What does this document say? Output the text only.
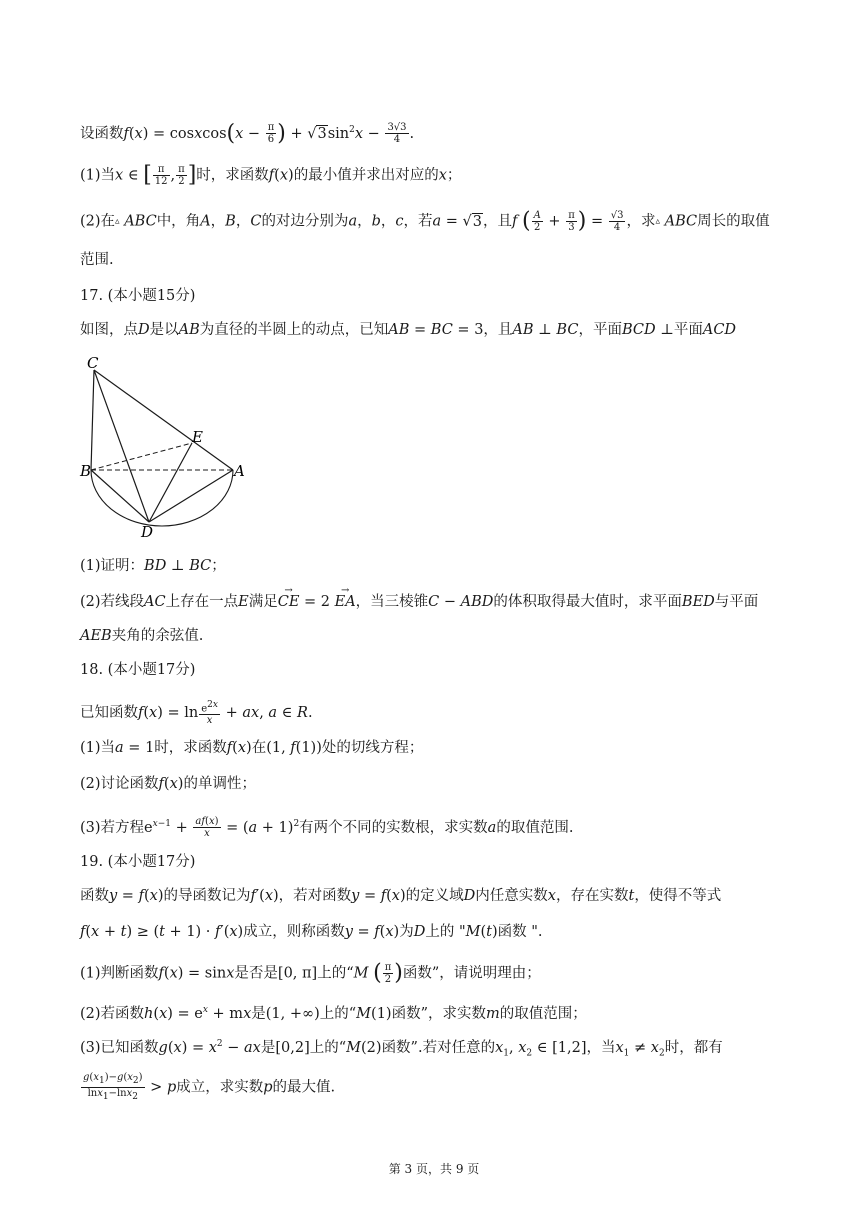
设函数f(x) = cosxcos(x − $\frac{\pi}{6}$ ) + $√3\sin^2x - \frac{3√3}{4}$ .
(1)当x ∈ [ $\frac{\pi}{12}$ , $\frac{\pi}{2}$ ]时，求函数f(x)的最小值并求出对应的x；
(2)在▵ ABC中，角A，B，C的对边分别为a，b，c，若a = √3，且f ( $\frac{A}{2} + \frac{\pi}{3}$ ) = $\frac{√3}{4}$ ，求▵ ABC周长的取值
范围.
17. (本小题15分)
如图，点D是以AB为直径的半圆上的动点，已知AB = BC = 3，且AB ⊥ BC，平面BCD ⊥平面ACD
C
E
B	A
D
(1)证明：BD ⊥ BC；
(2)若线段AC上存在一点E满足→ CE = 2 → EA，当三棱锥C − ABD的体积取得最大值时，求平面BED与平面
AEB夹角的余弦值.
18. (本小题17分)
已知函数$f(x) = \ln \frac{e^{2x}}{x}$ + ax, a ∈ R.
(1)当a = 1时，求函数f(x)在(1, f(1))处的切线方程；
(2)讨论函数f(x)的单调性；
(3)若方程$e^{x-1} + \frac{af(x)}{x} = (a + 1)^2$有两个不同的实数根，求实数a的取值范围.
19. (本小题17分)
函数y = f(x)的导函数记为f′(x)，若对函数y = f(x)的定义域D内任意实数x，存在实数t，使得不等式
f(x + t) ≥ (t + 1) · f′(x)成立，则称函数y = f(x)为D上的 "M(t)函数 ".
(1)判断函数f(x) = sinx是否是[0, π]上的“M ( $\frac{\pi}{2}$ )函数”，请说明理由；
(2)若函数$h(x) = e^x$ + mx是(1, +∞)上的“M(1)函数”，求实数m的取值范围；
(3)已知函数$g(x) = x^2$ − ax是[0,2]上的“M(2)函数”.若对任意的$x_1$, $x_2$ ∈ [1,2]，当$x_1 \ne x_2$时，都有
$\frac{g(x_1)-g(x_2)}{\ln x_1-\ln x_2} > p$成立，求实数p的最大值.
第 3 页，共 9 页
